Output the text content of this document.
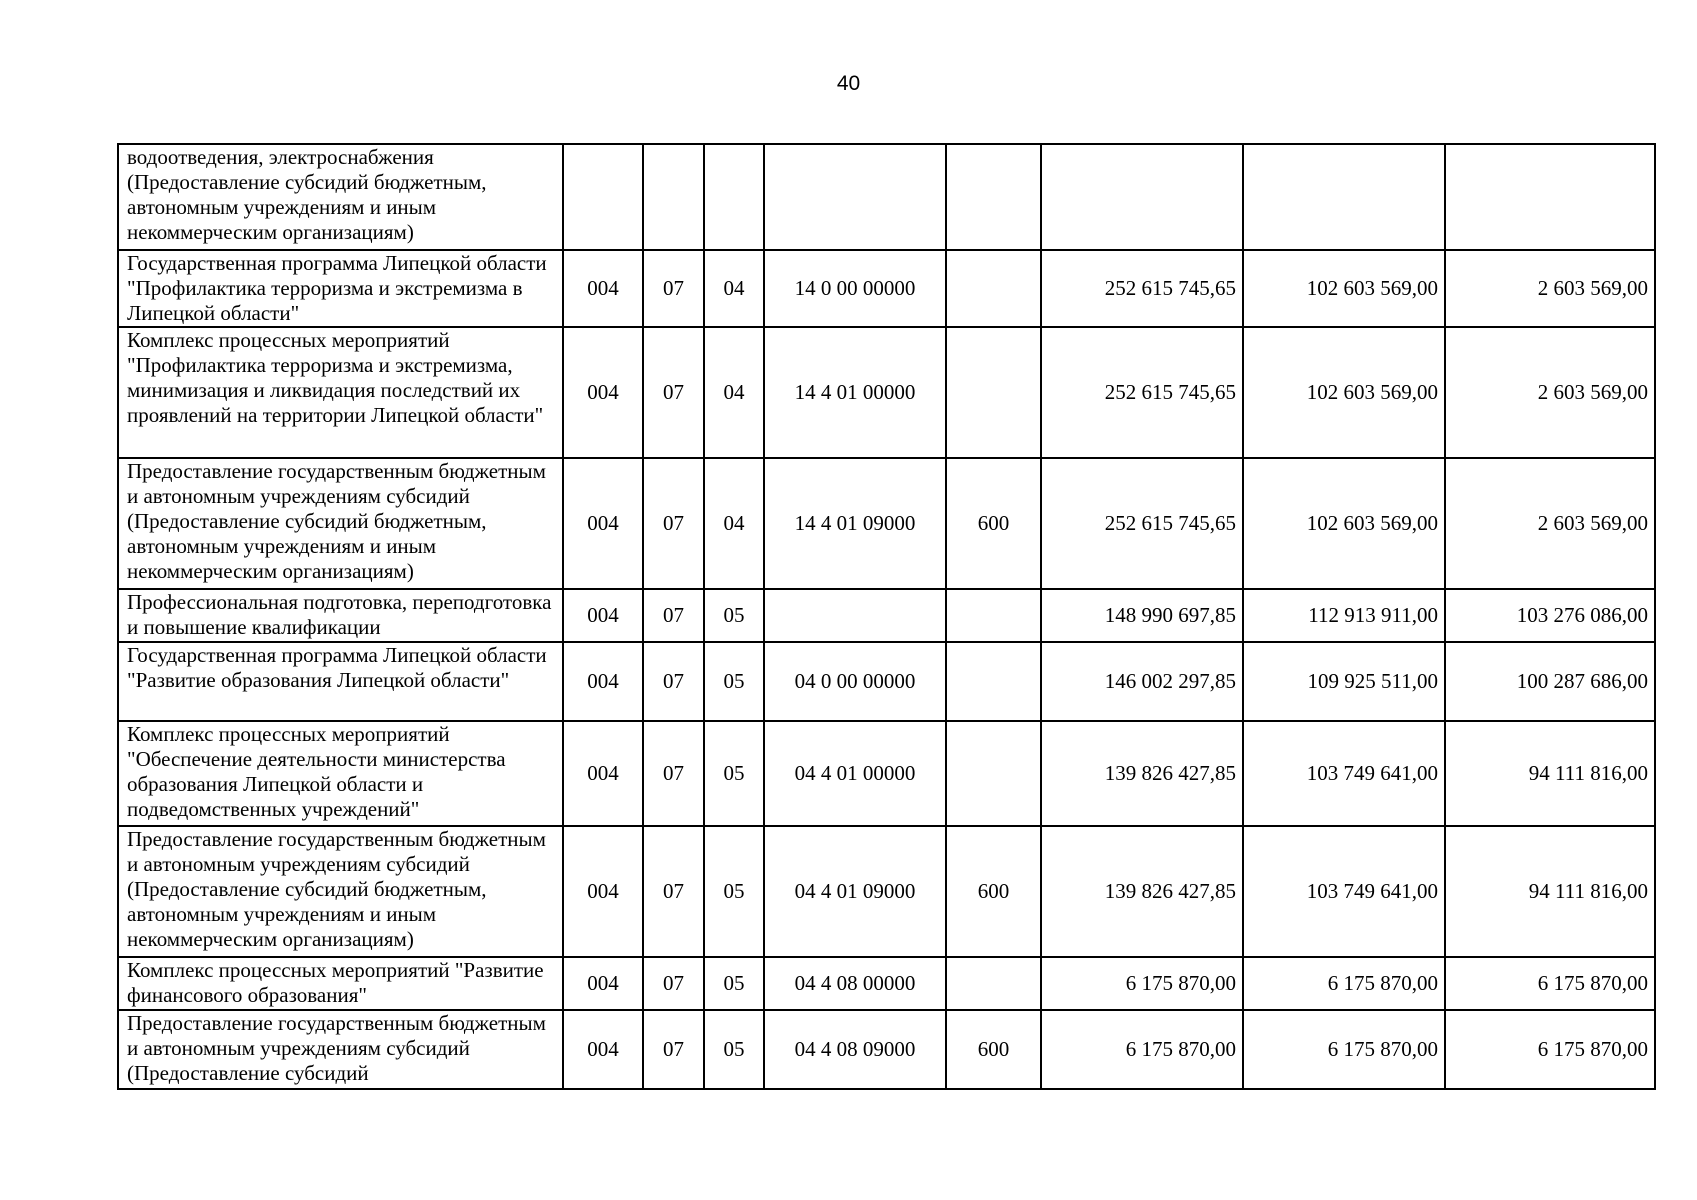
40
водоотведения, электроснабжения (Предоставление субсидий бюджетным, автономным учреждениям и иным некоммерческим организациям)								
Государственная программа Липецкой области "Профилактика терроризма и экстремизма в Липецкой области"	004	07	04	14 0 00 00000		252 615 745,65	102 603 569,00	2 603 569,00
Комплекс процессных мероприятий "Профилактика терроризма и экстремизма, минимизация и ликвидация последствий их проявлений на территории Липецкой области"	004	07	04	14 4 01 00000		252 615 745,65	102 603 569,00	2 603 569,00
Предоставление государственным бюджетным и автономным учреждениям субсидий (Предоставление субсидий бюджетным, автономным учреждениям и иным некоммерческим организациям)	004	07	04	14 4 01 09000	600	252 615 745,65	102 603 569,00	2 603 569,00
Профессиональная подготовка, переподготовка и повышение квалификации	004	07	05			148 990 697,85	112 913 911,00	103 276 086,00
Государственная программа Липецкой области "Развитие образования Липецкой области"	004	07	05	04 0 00 00000		146 002 297,85	109 925 511,00	100 287 686,00
Комплекс процессных мероприятий "Обеспечение деятельности министерства образования Липецкой области и подведомственных учреждений"	004	07	05	04 4 01 00000		139 826 427,85	103 749 641,00	94 111 816,00
Предоставление государственным бюджетным и автономным учреждениям субсидий (Предоставление субсидий бюджетным, автономным учреждениям и иным некоммерческим организациям)	004	07	05	04 4 01 09000	600	139 826 427,85	103 749 641,00	94 111 816,00
Комплекс процессных мероприятий "Развитие финансового образования"	004	07	05	04 4 08 00000		6 175 870,00	6 175 870,00	6 175 870,00
Предоставление государственным бюджетным и автономным учреждениям субсидий (Предоставление субсидий	004	07	05	04 4 08 09000	600	6 175 870,00	6 175 870,00	6 175 870,00
